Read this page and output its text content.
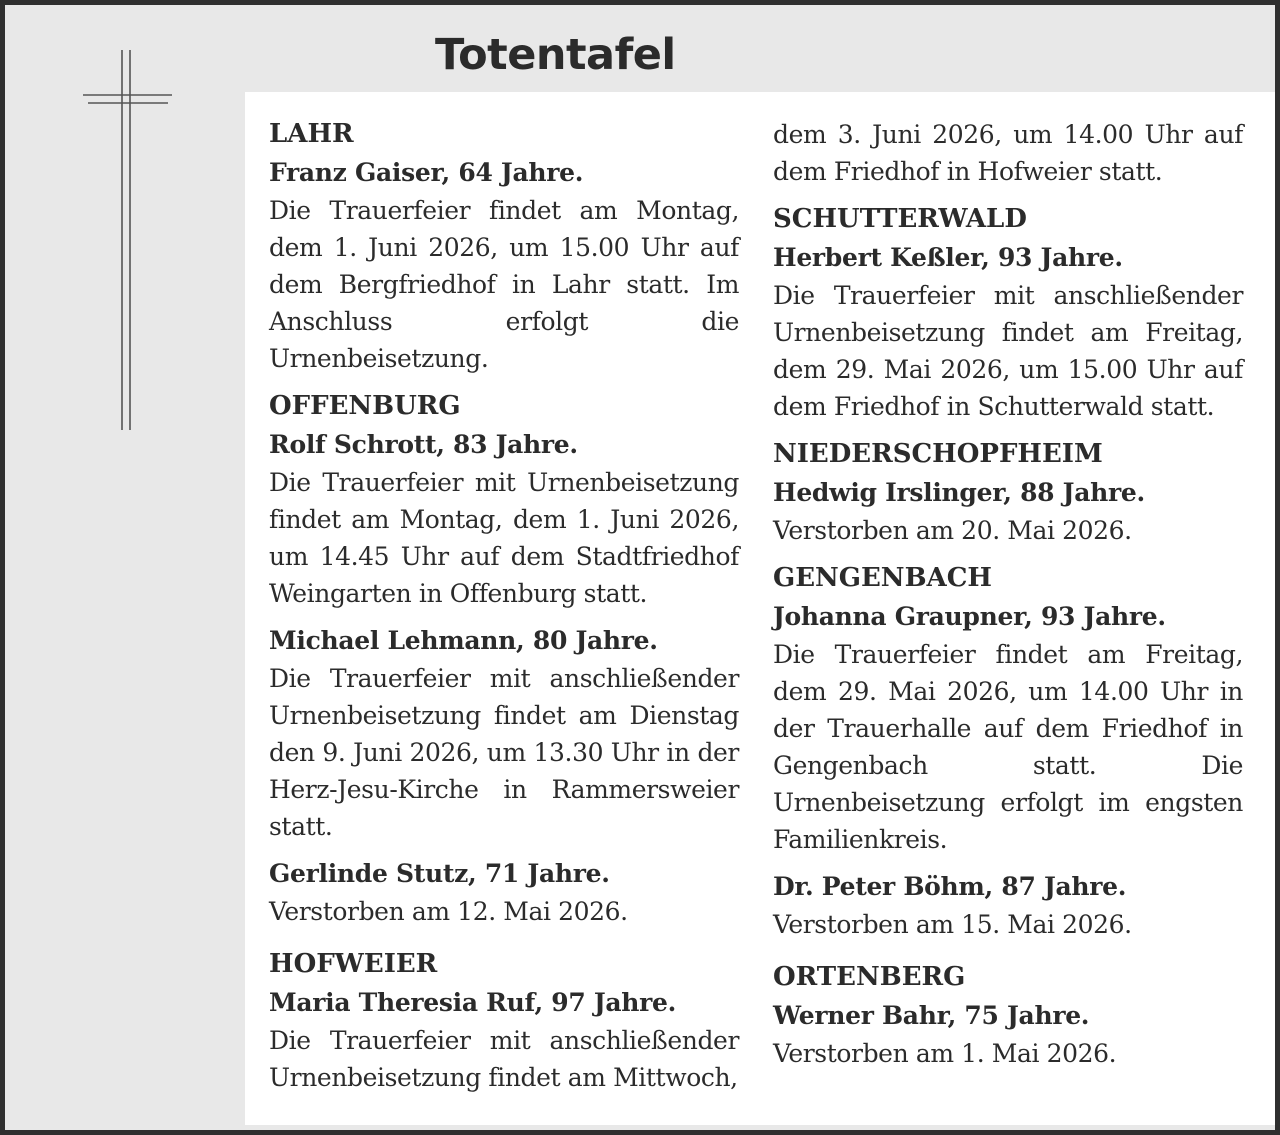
Totentafel
LAHR
Franz Gaiser, 64 Jahre.
Die Trauerfeier findet am Montag, dem 1. Juni 2026, um 15.00 Uhr auf dem Bergfriedhof in Lahr statt. Im Anschluss erfolgt die Urnenbeisetzung.
OFFENBURG
Rolf Schrott, 83 Jahre.
Die Trauerfeier mit Urnenbeisetzung findet am Montag, dem 1. Juni 2026, um 14.45 Uhr auf dem Stadtfriedhof Weingarten in Offenburg statt.
Michael Lehmann, 80 Jahre.
Die Trauerfeier mit anschließender Urnenbeisetzung findet am Dienstag den 9. Juni 2026, um 13.30 Uhr in der Herz-Jesu-Kirche in Rammersweier statt.
Gerlinde Stutz, 71 Jahre.
Verstorben am 12. Mai 2026.
HOFWEIER
Maria Theresia Ruf, 97 Jahre.
Die Trauerfeier mit anschließender Urnenbeisetzung findet am Mittwoch,
dem 3. Juni 2026, um 14.00 Uhr auf dem Friedhof in Hofweier statt.
SCHUTTERWALD
Herbert Keßler, 93 Jahre.
Die Trauerfeier mit anschließender Urnenbeisetzung findet am Freitag, dem 29. Mai 2026, um 15.00 Uhr auf dem Friedhof in Schutterwald statt.
NIEDERSCHOPFHEIM
Hedwig Irslinger, 88 Jahre.
Verstorben am 20. Mai 2026.
GENGENBACH
Johanna Graupner, 93 Jahre.
Die Trauerfeier findet am Freitag, dem 29. Mai 2026, um 14.00 Uhr in der Trauerhalle auf dem Friedhof in Gengenbach statt. Die Urnenbeisetzung erfolgt im engsten Familienkreis.
Dr. Peter Böhm, 87 Jahre.
Verstorben am 15. Mai 2026.
ORTENBERG
Werner Bahr, 75 Jahre.
Verstorben am 1. Mai 2026.
